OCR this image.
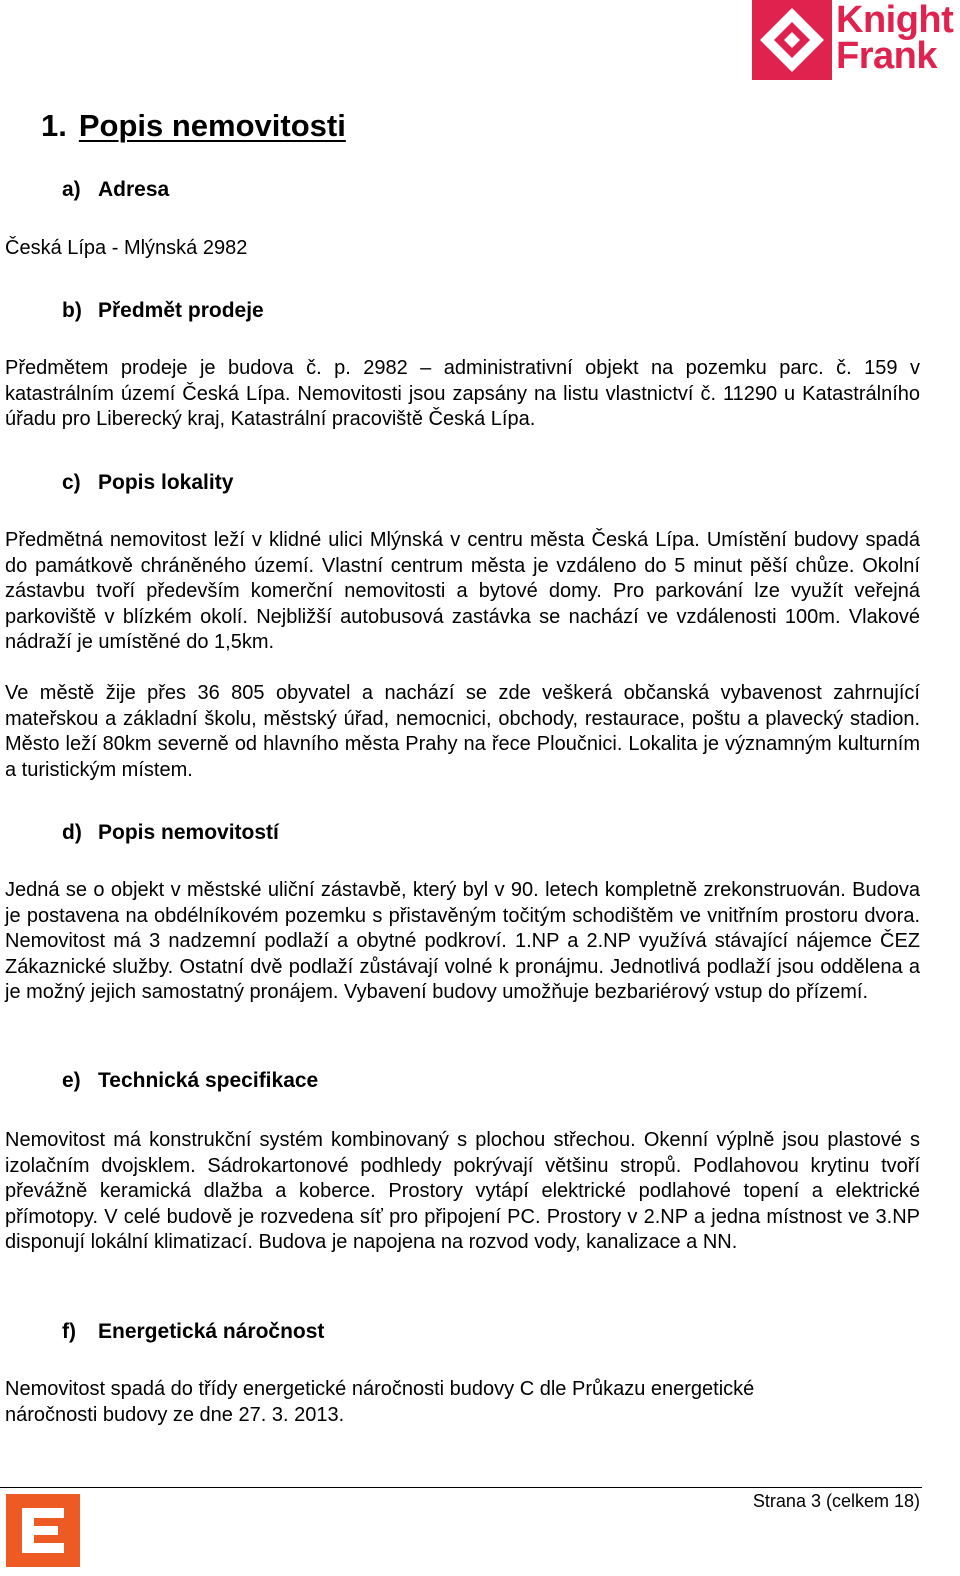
Knight
Frank
1. Popis nemovitosti
a) Adresa

Česká Lípa - Mlýnská 2982

b) Předmět prodeje

Předmětem prodeje je budova č. p. 2982 – administrativní objekt na pozemku parc. č. 159 v katastrálním území Česká Lípa. Nemovitosti jsou zapsány na listu vlastnictví č. 11290 u Katastrálního úřadu pro Liberecký kraj, Katastrální pracoviště Česká Lípa.

c) Popis lokality

Předmětná nemovitost leží v klidné ulici Mlýnská v centru města Česká Lípa. Umístění budovy spadá do památkově chráněného území. Vlastní centrum města je vzdáleno do 5 minut pěší chůze. Okolní zástavbu tvoří především komerční nemovitosti a bytové domy. Pro parkování lze využít veřejná parkoviště v blízkém okolí. Nejbližší autobusová zastávka se nachází ve vzdálenosti 100m. Vlakové nádraží je umístěné do 1,5km.

Ve městě žije přes 36 805 obyvatel a nachází se zde veškerá občanská vybavenost zahrnující mateřskou a základní školu, městský úřad, nemocnici, obchody, restaurace, poštu a plavecký stadion. Město leží 80km severně od hlavního města Prahy na řece Ploučnici. Lokalita je významným kulturním a turistickým místem.

d) Popis nemovitostí

Jedná se o objekt v městské uliční zástavbě, který byl v 90. letech kompletně zrekonstruován. Budova je postavena na obdélníkovém pozemku s přistavěným točitým schodištěm ve vnitřním prostoru dvora. Nemovitost má 3 nadzemní podlaží a obytné podkroví. 1.NP a 2.NP využívá stávající nájemce ČEZ Zákaznické služby. Ostatní dvě podlaží zůstávají volné k pronájmu. Jednotlivá podlaží jsou oddělena a je možný jejich samostatný pronájem. Vybavení budovy umožňuje bezbariérový vstup do přízemí.

e) Technická specifikace

Nemovitost má konstrukční systém kombinovaný s plochou střechou. Okenní výplně jsou plastové s izolačním dvojsklem. Sádrokartonové podhledy pokrývají většinu stropů. Podlahovou krytinu tvoří převážně keramická dlažba a koberce. Prostory vytápí elektrické podlahové topení a elektrické přímotopy. V celé budově je rozvedena síť pro připojení PC. Prostory v 2.NP a jedna místnost ve 3.NP disponují lokální klimatizací. Budova je napojena na rozvod vody, kanalizace a NN.

f) Energetická náročnost

Nemovitost spadá do třídy energetické náročnosti budovy C dle Průkazu energetické náročnosti budovy ze dne 27. 3. 2013.

Strana 3 (celkem 18)
